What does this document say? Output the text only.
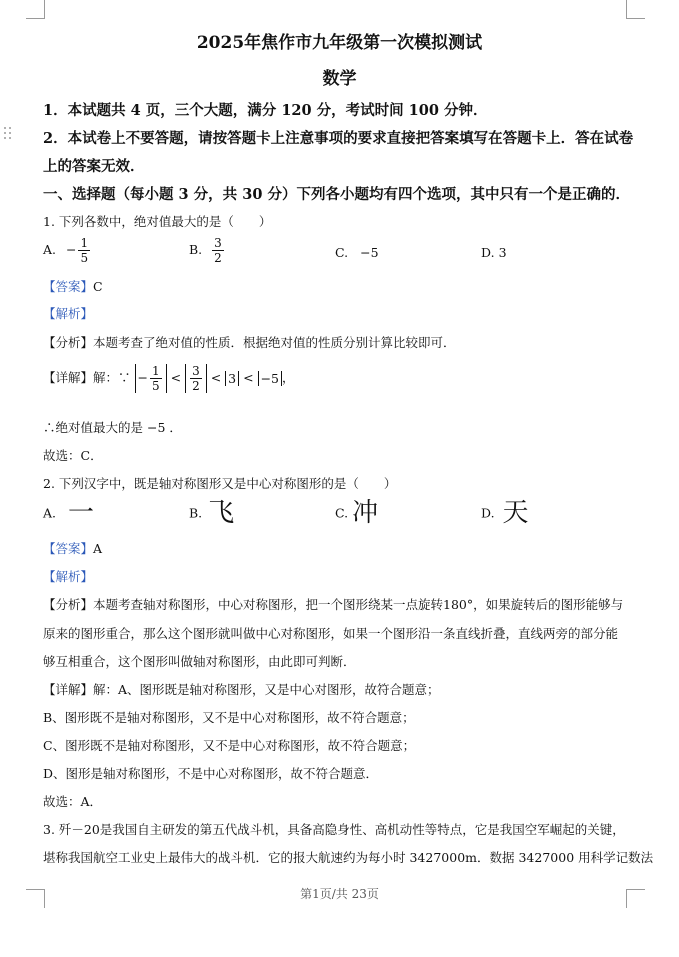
2025年焦作市九年级第一次模拟测试
数学
1．本试题共 4 页，三个大题，满分 120 分，考试时间 100 分钟．
2．本试卷上不要答题，请按答题卡上注意事项的要求直接把答案填写在答题卡上．答在试卷
上的答案无效．
一、选择题（每小题 3 分，共 30 分）下列各小题均有四个选项，其中只有一个是正确的．
1. 下列各数中，绝对值最大的是（　　）
A. − $\frac{1}{5}$	B. $\frac{3}{2}$	C. −5	D. 3
【答案】C
【解析】
【分析】本题考查了绝对值的性质．根据绝对值的性质分别计算比较即可．
【详解】解：∵ − $\frac{1}{5} < \frac{3}{2} < 3 < -5$ ，
∴绝对值最大的是 −5 ．
故选：C．
2. 下列汉字中，既是轴对称图形又是中心对称图形的是（　　）
A. 一	B. 飞	C. 冲	D. 天
【答案】A
【解析】
【分析】本题考查轴对称图形，中心对称图形，把一个图形绕某一点旋转180°，如果旋转后的图形能够与
原来的图形重合，那么这个图形就叫做中心对称图形，如果一个图形沿一条直线折叠，直线两旁的部分能
够互相重合，这个图形叫做轴对称图形，由此即可判断．
【详解】解：A、图形既是轴对称图形，又是中心对图形，故符合题意；
B、图形既不是轴对称图形，又不是中心对称图形，故不符合题意；
C、图形既不是轴对称图形，又不是中心对称图形，故不符合题意；
D、图形是轴对称图形，不是中心对称图形，故不符合题意．
故选：A．
3. 歼－20是我国自主研发的第五代战斗机，具备高隐身性、高机动性等特点，它是我国空军崛起的关键，
堪称我国航空工业史上最伟大的战斗机．它的报大航速约为每小时 3427000m．数据 3427000 用科学记数法
第1页/共 23页
